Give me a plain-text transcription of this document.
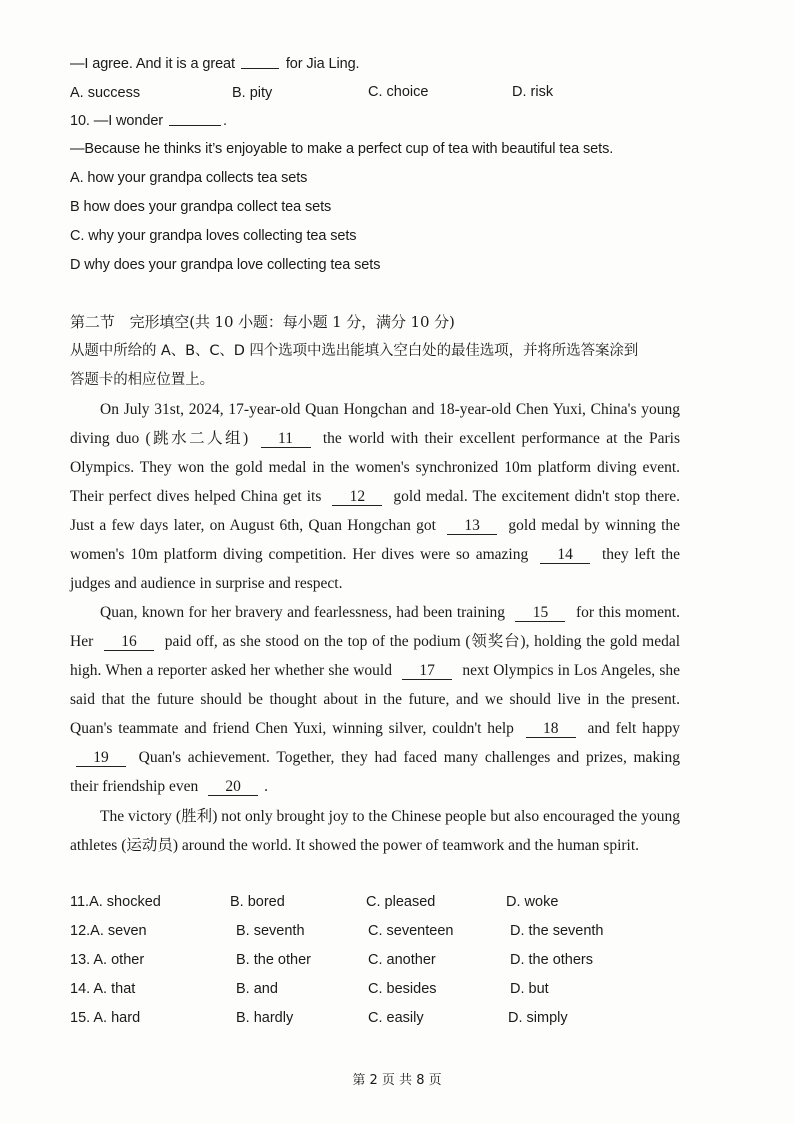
—I agree. And it is a great	for Jia Ling.
A. success	B. pity	C. choice	D. risk
10. —I wonder	.
—Because he thinks it’s enjoyable to make a perfect cup of tea with beautiful tea sets.
A. how your grandpa collects tea sets
B how does your grandpa collect tea sets
C. why your grandpa loves collecting tea sets
D why does your grandpa love collecting tea sets
第二节　完形填空(共 10 小题：每小题 1 分，满分 10 分)
从题中所给的 A、B、C、D 四个选项中选出能填入空白处的最佳选项，并将所选答案涂到
答题卡的相应位置上。
On July 31st, 2024, 17-year-old Quan Hongchan and 18-year-old Chen Yuxi, China's young diving duo (跳水二人组) 11 the world with their excellent performance at the Paris Olympics. They won the gold medal in the women's synchronized 10m platform diving event. Their perfect dives helped China get its 12 gold medal. The excitement didn't stop there. Just a few days later, on August 6th, Quan Hongchan got 13 gold medal by winning the women's 10m platform diving competition. Her dives were so amazing 14 they left the judges and audience in surprise and respect.
Quan, known for her bravery and fearlessness, had been training 15 for this moment. Her 16 paid off, as she stood on the top of the podium (领奖台), holding the gold medal high. When a reporter asked her whether she would 17 next Olympics in Los Angeles, she said that the future should be thought about in the future, and we should live in the present. Quan's teammate and friend Chen Yuxi, winning silver, couldn't help 18 and felt happy 19 Quan's achievement. Together, they had faced many challenges and prizes, making their friendship even 20 .
The victory (胜利) not only brought joy to the Chinese people but also encouraged the young athletes (运动员) around the world. It showed the power of teamwork and the human spirit.
11.A. shocked	B. bored	C. pleased	D. woke
12.A. seven	B. seventh	C. seventeen	D. the seventh
13. A. other	B. the other	C. another	D. the others
14. A. that	B. and	C. besides	D. but
15. A. hard	B. hardly	C. easily	D. simply
第 2 页 共 8 页
